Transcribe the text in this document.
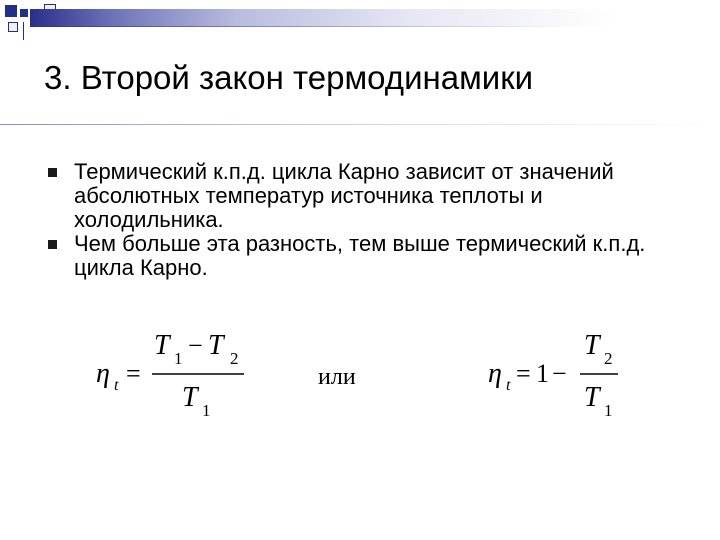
3. Второй закон термодинамики
Термический к.п.д. цикла Карно зависит от значений абсолютных температур источника теплоты и холодильника.
Чем больше эта разность, тем выше термический к.п.д. цикла Карно.
η t =
T 1 − T 2
T 1
или	η t = 1 −
T 2
T 1
